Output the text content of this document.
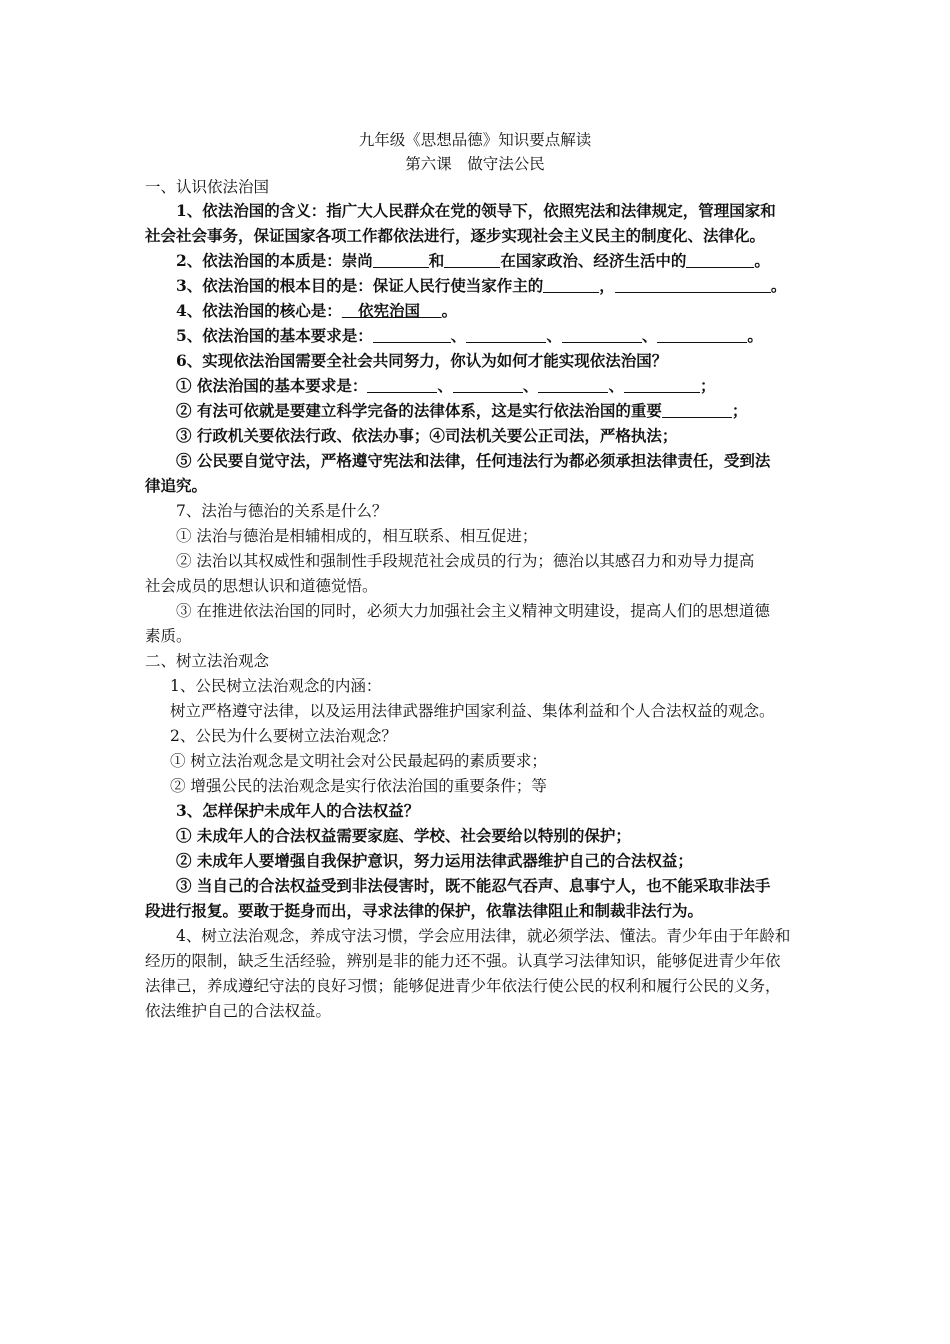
九年级《思想品德》知识要点解读
第六课　做守法公民
一、认识依法治国
1、依法治国的含义：指广大人民群众在党的领导下，依照宪法和法律规定，管理国家和
社会社会事务，保证国家各项工作都依法进行，逐步实现社会主义民主的制度化、法律化。
2、依法治国的本质是：崇尚	和	在国家政治、经济生活中的	。
3、依法治国的根本目的是：保证人民行使当家作主的	，	。
4、依法治国的核心是： 依宪治国 。
5、依法治国的基本要求是：	、	、	、	。
6、实现依法治国需要全社会共同努力，你认为如何才能实现依法治国？
① 依法治国的基本要求是：	、	、	、	；
② 有法可依就是要建立科学完备的法律体系，这是实行依法治国的重要	；
③ 行政机关要依法行政、依法办事；④司法机关要公正司法，严格执法；
⑤ 公民要自觉守法，严格遵守宪法和法律，任何违法行为都必须承担法律责任，受到法
律追究。
7、法治与德治的关系是什么？
① 法治与德治是相辅相成的，相互联系、相互促进；
② 法治以其权威性和强制性手段规范社会成员的行为；德治以其感召力和劝导力提高
社会成员的思想认识和道德觉悟。
③ 在推进依法治国的同时，必须大力加强社会主义精神文明建设，提高人们的思想道德
素质。
二、树立法治观念
1、公民树立法治观念的内涵：
树立严格遵守法律，以及运用法律武器维护国家利益、集体利益和个人合法权益的观念。
2、公民为什么要树立法治观念？
① 树立法治观念是文明社会对公民最起码的素质要求；
② 增强公民的法治观念是实行依法治国的重要条件；等
3、怎样保护未成年人的合法权益？
① 未成年人的合法权益需要家庭、学校、社会要给以特别的保护；
② 未成年人要增强自我保护意识，努力运用法律武器维护自己的合法权益；
③ 当自己的合法权益受到非法侵害时，既不能忍气吞声、息事宁人，也不能采取非法手
段进行报复。要敢于挺身而出，寻求法律的保护，依靠法律阻止和制裁非法行为。
4、树立法治观念，养成守法习惯，学会应用法律，就必须学法、懂法。青少年由于年龄和
经历的限制，缺乏生活经验，辨别是非的能力还不强。认真学习法律知识，能够促进青少年依
法律己，养成遵纪守法的良好习惯；能够促进青少年依法行使公民的权利和履行公民的义务，
依法维护自己的合法权益。
